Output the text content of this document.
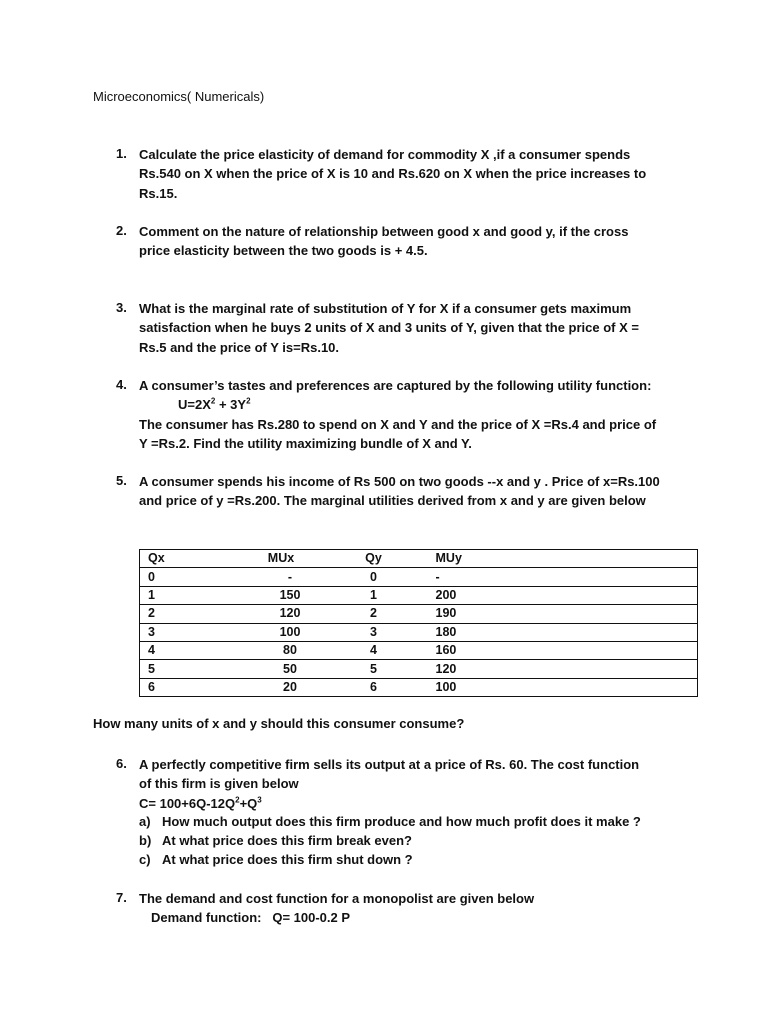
Microeconomics( Numericals)
1. Calculate the price elasticity of demand for commodity X ,if a consumer spends
Rs.540 on X when the price of X is 10 and Rs.620 on X when the price increases to
Rs.15.
2. Comment on the nature of relationship between good x and good y, if the cross
price elasticity between the two goods is + 4.5.
3. What is the marginal rate of substitution of Y for X if a consumer gets maximum
satisfaction when he buys 2 units of X and 3 units of Y, given that the price of X =
Rs.5 and the price of Y is=Rs.10.
4. A consumer’s tastes and preferences are captured by the following utility function:
$U=2X^2 + 3Y^2$
The consumer has Rs.280 to spend on X and Y and the price of X =Rs.4 and price of
Y =Rs.2. Find the utility maximizing bundle of X and Y.
5. A consumer spends his income of Rs 500 on two goods --x and y . Price of x=Rs.100
and price of y =Rs.200. The marginal utilities derived from x and y are given below
Qx	MUx	Qy	MUy
0	-	0	-
1	150	1	200
2	120	2	190
3	100	3	180
4	80	4	160
5	50	5	120
6	20	6	100
How many units of x and y should this consumer consume?
6. A perfectly competitive firm sells its output at a price of Rs. 60. The cost function
of this firm is given below
$C= 100+6Q-12Q^2+Q^3$
a) How much output does this firm produce and how much profit does it make ?
b) At what price does this firm break even?
c) At what price does this firm shut down ?
7. The demand and cost function for a monopolist are given below
Demand function: Q= 100-0.2 P
